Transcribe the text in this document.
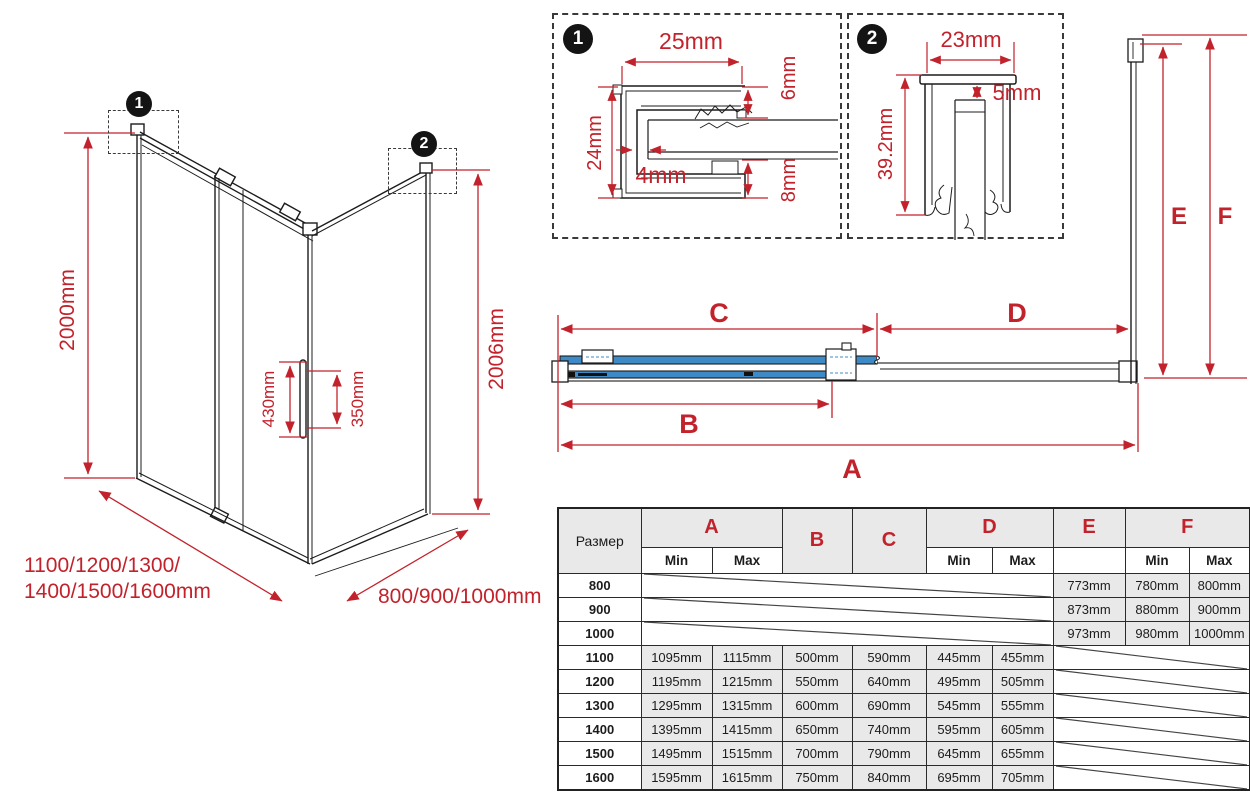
1
2
1	2
2000mm	2006mm
430mm	350mm
1100/1200/1300/
1400/1500/1600mm	800/900/1000mm
25mm
24mm
4mm
6mm
8mm
23mm
5mm
39.2mm
C	D
B
A
E F
Размер	A		B	C	D		E	F	
	Min	Max			Min	Max		Min	Max
800							773mm	780mm	800mm
900							873mm	880mm	900mm
1000							973mm	980mm	1000mm
1100	1095mm	1115mm	500mm	590mm	445mm	455mm	

1200	1195mm	1215mm	550mm	640mm	495mm	505mm	

1300	1295mm	1315mm	600mm	690mm	545mm	555mm	

1400	1395mm	1415mm	650mm	740mm	595mm	605mm	

1500	1495mm	1515mm	700mm	790mm	645mm	655mm	

1600	1595mm	1615mm	750mm	840mm	695mm	705mm	
